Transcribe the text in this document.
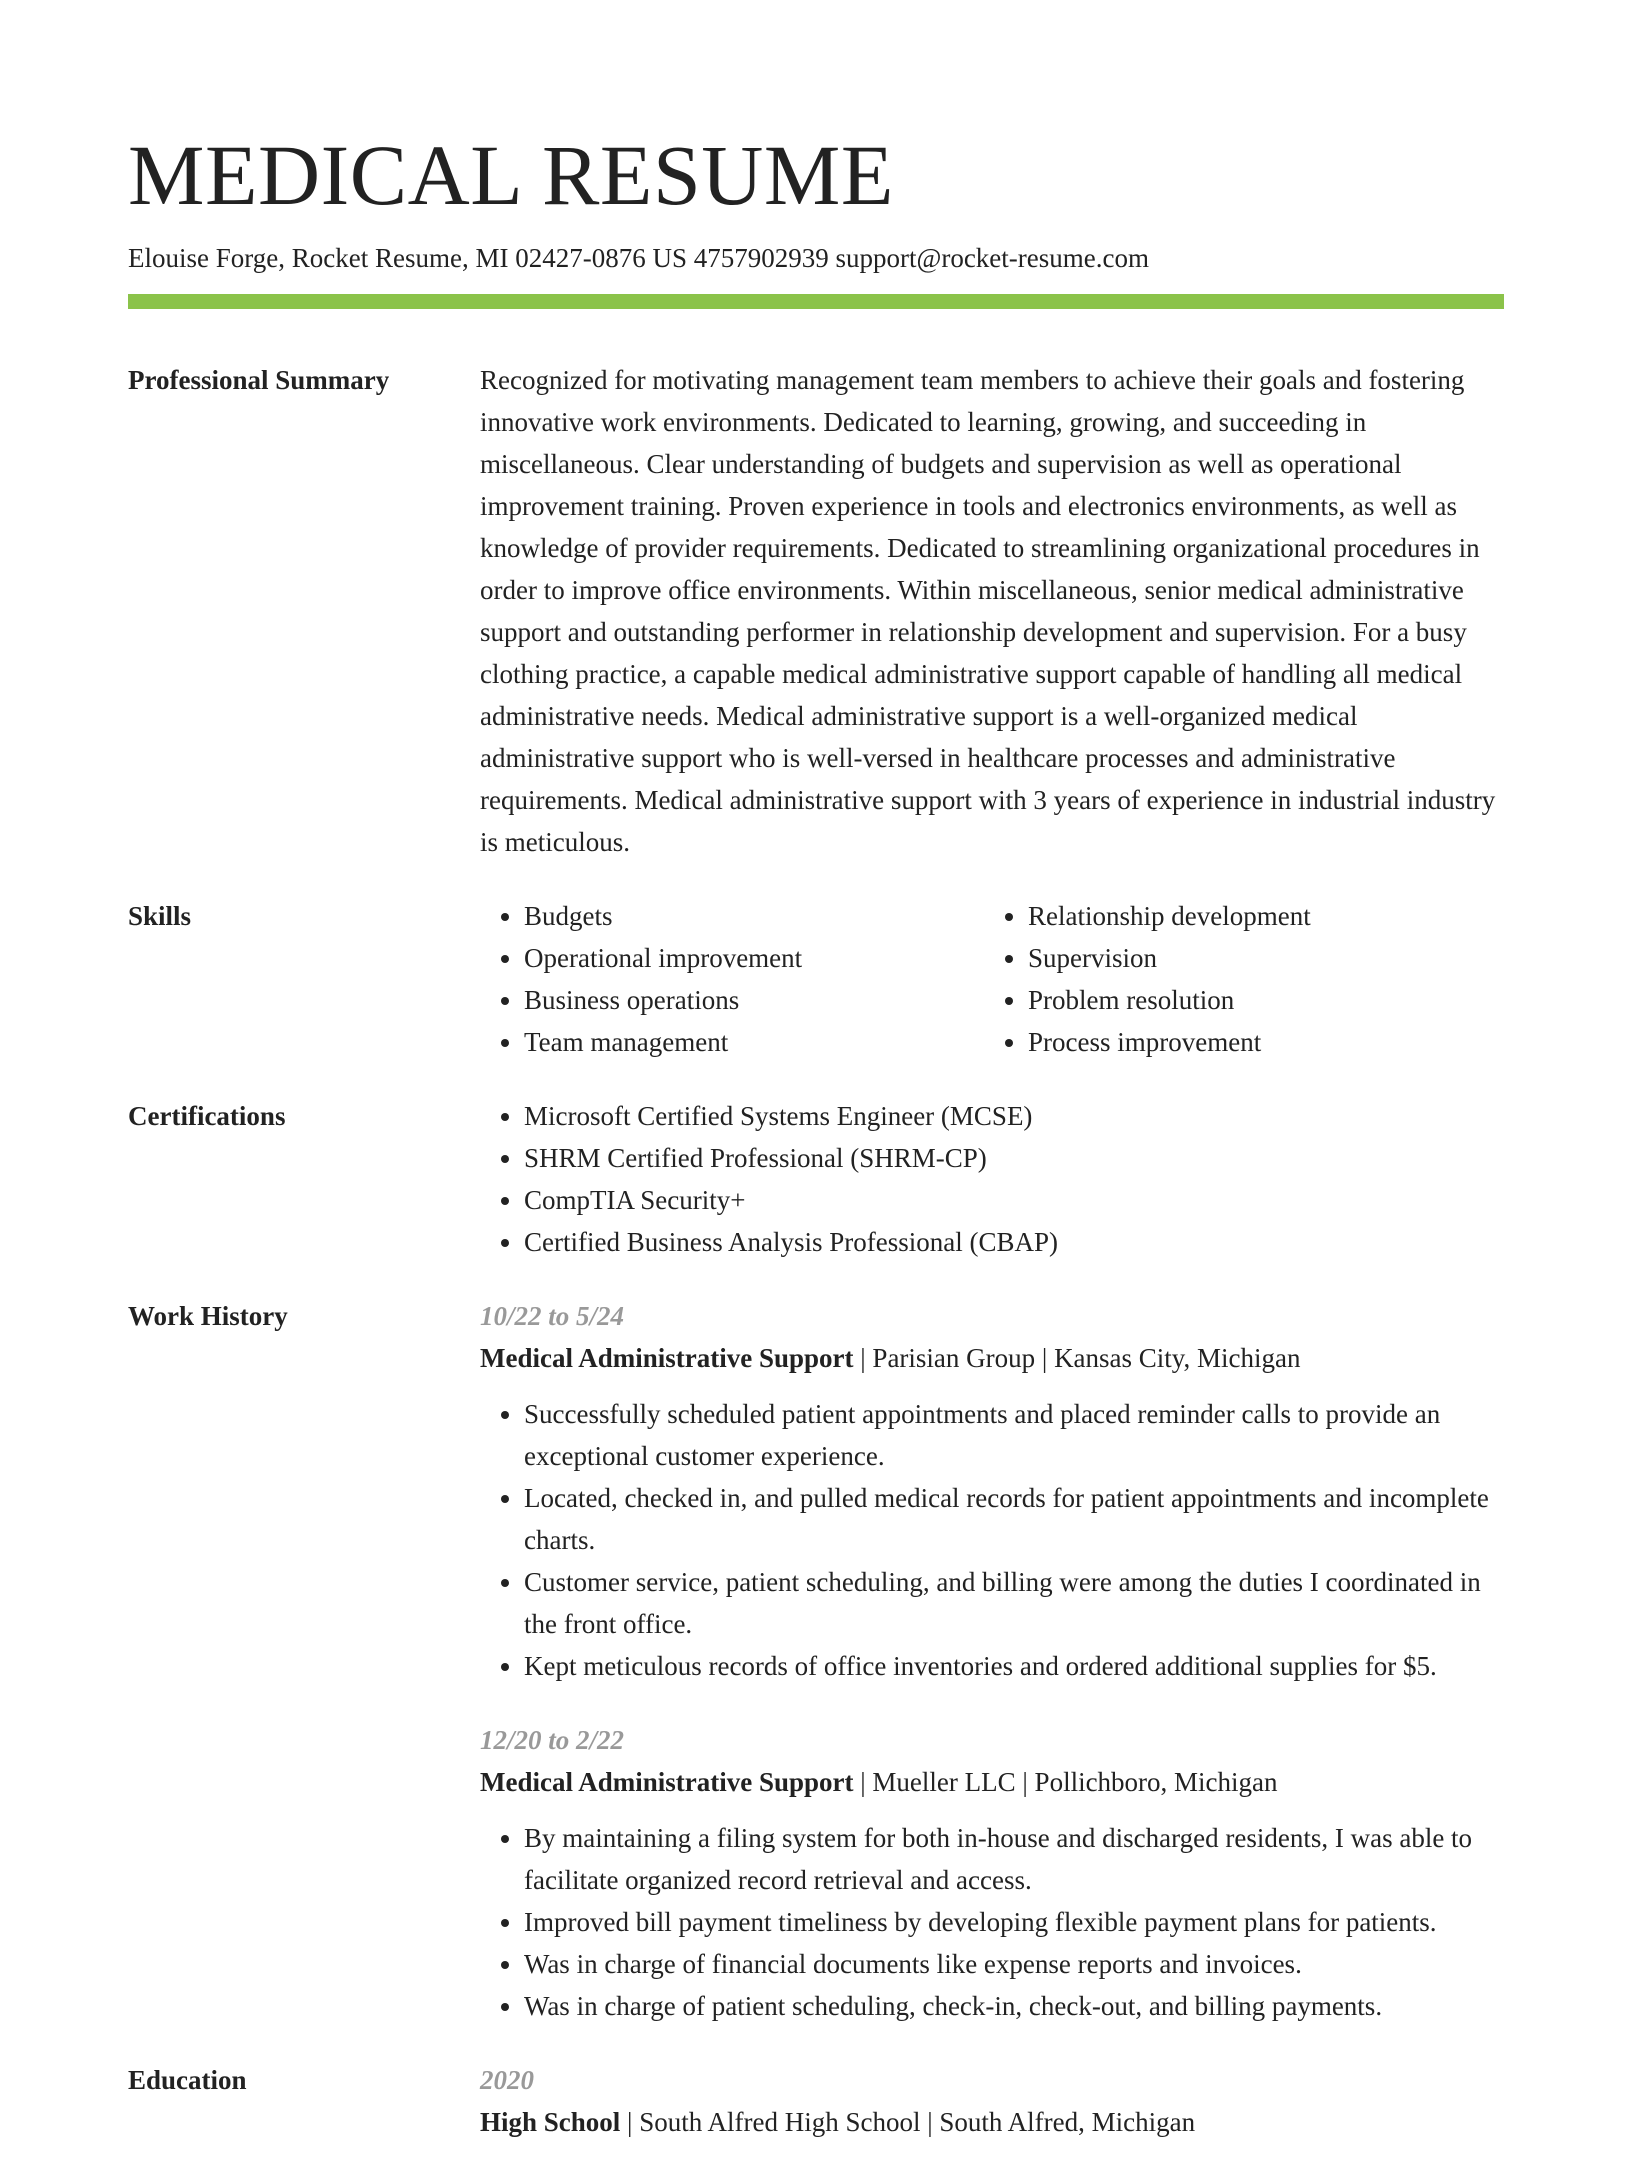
MEDICAL RESUME
Elouise Forge, Rocket Resume, MI 02427-0876 US 4757902939 support@rocket-resume.com
Professional Summary	Recognized for motivating management team members to achieve their goals and fostering innovative work environments. Dedicated to learning, growing, and succeeding in miscellaneous. Clear understanding of budgets and supervision as well as operational improvement training. Proven experience in tools and electronics environments, as well as knowledge of provider requirements. Dedicated to streamlining organizational procedures in order to improve office environments. Within miscellaneous, senior medical administrative support and outstanding performer in relationship development and supervision. For a busy clothing practice, a capable medical administrative support capable of handling all medical administrative needs. Medical administrative support is a well-organized medical administrative support who is well-versed in healthcare processes and administrative requirements. Medical administrative support with 3 years of experience in industrial industry is meticulous.

Skills	• Budgets
• Operational improvement
• Business operations
• Team management
• Relationship development
• Supervision
• Problem resolution
• Process improvement
Certifications	• Microsoft Certified Systems Engineer (MCSE)
• SHRM Certified Professional (SHRM-CP)
• CompTIA Security+
• Certified Business Analysis Professional (CBAP)
Work History	10/22 to 5/24
Medical Administrative Support | Parisian Group | Kansas City, Michigan
• Successfully scheduled patient appointments and placed reminder calls to provide an exceptional customer experience.
• Located, checked in, and pulled medical records for patient appointments and incomplete charts.
• Customer service, patient scheduling, and billing were among the duties I coordinated in the front office.
• Kept meticulous records of office inventories and ordered additional supplies for $5.
12/20 to 2/22
Medical Administrative Support | Mueller LLC | Pollichboro, Michigan
• By maintaining a filing system for both in-house and discharged residents, I was able to facilitate organized record retrieval and access.
• Improved bill payment timeliness by developing flexible payment plans for patients.
• Was in charge of financial documents like expense reports and invoices.
• Was in charge of patient scheduling, check-in, check-out, and billing payments.
Education	2020
High School | South Alfred High School | South Alfred, Michigan
